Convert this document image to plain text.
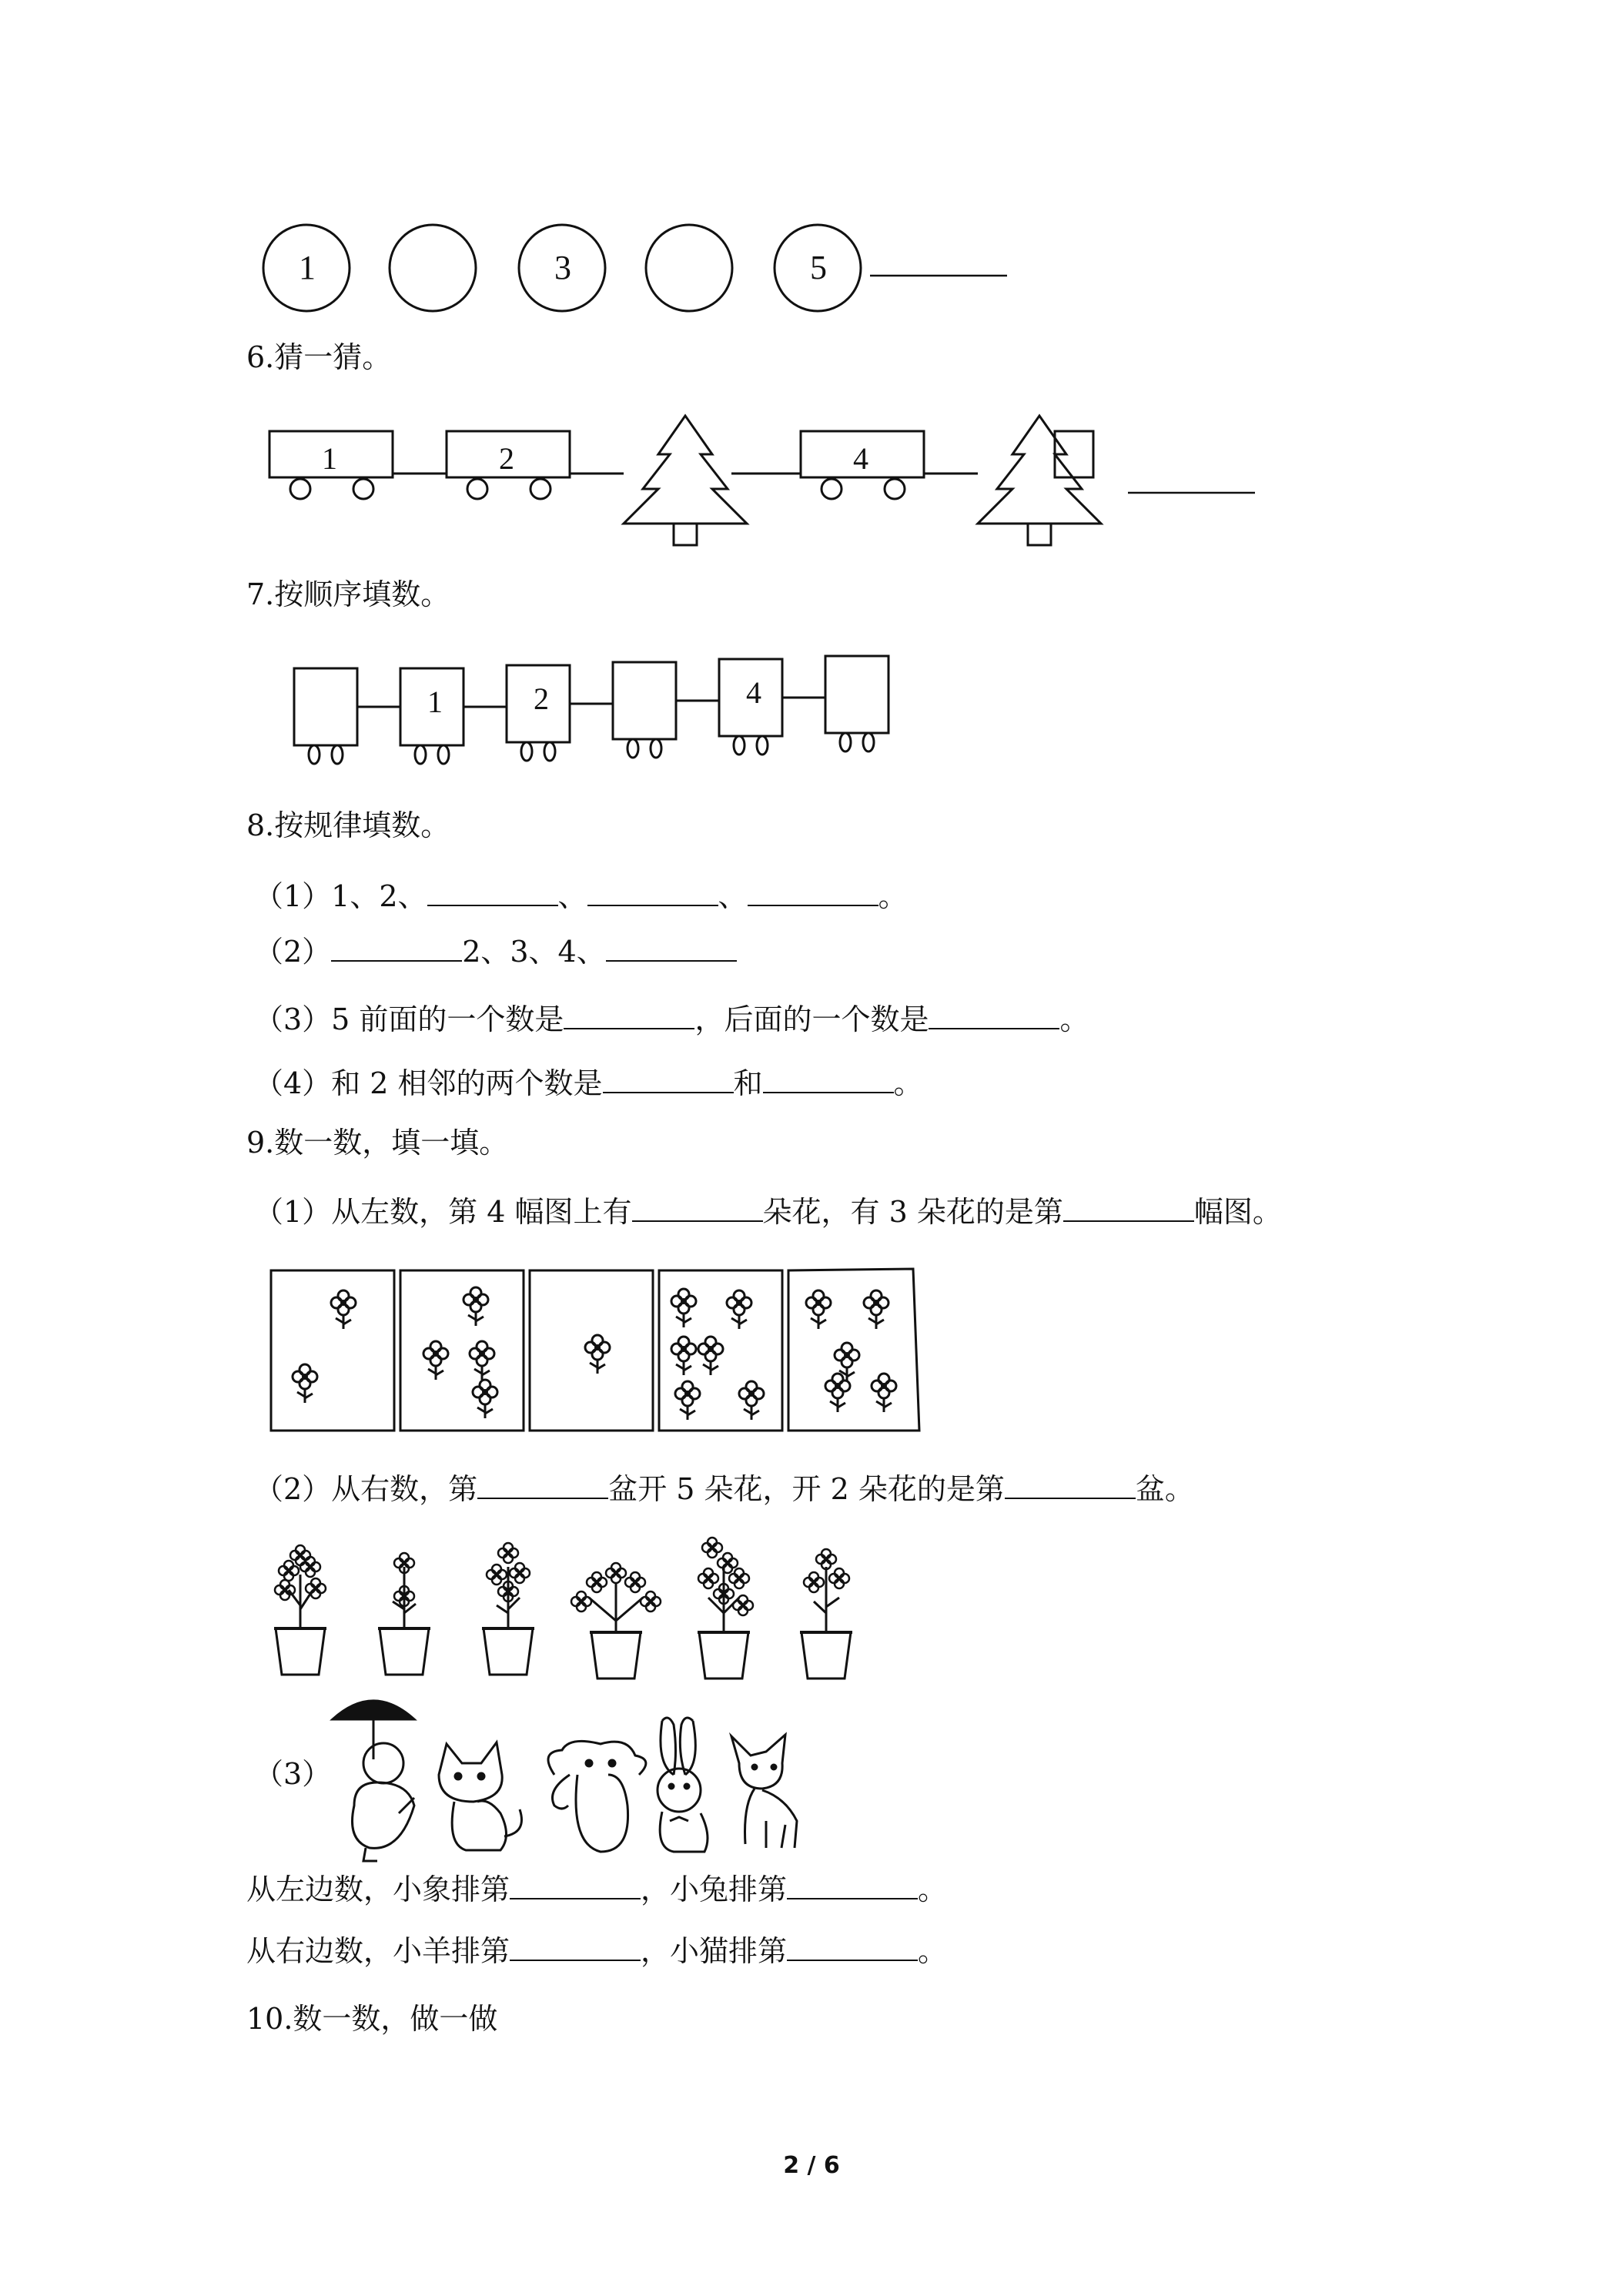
1	3	5
6.猜一猜。
1	2	4
7.按顺序填数。
1	2	4
8.按规律填数。
（1）1、2、	、	、	。
（2）	2、3、4、
（3）5 前面的一个数是	，后面的一个数是	。
（4）和 2 相邻的两个数是	和	。
9.数一数，填一填。
（1）从左数，第 4 幅图上有	朵花，有 3 朵花的是第	幅图。
（2）从右数，第	盆开 5 朵花，开 2 朵花的是第	盆。
（3）
从左边数，小象排第	，小兔排第	。
从右边数，小羊排第	，小猫排第	。
10.数一数，做一做
2 / 6
